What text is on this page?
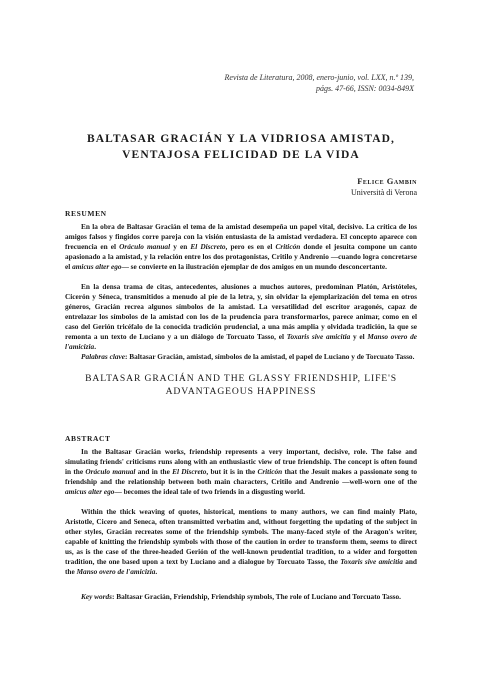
Revista de Literatura, 2008, enero-junio, vol. LXX, n.º 139,
págs. 47-66, ISSN: 0034-849X
BALTASAR GRACIÁN Y LA VIDRIOSA AMISTAD,
VENTAJOSA FELICIDAD DE LA VIDA
Felice Gambin
Università di Verona
RESUMEN
En la obra de Baltasar Gracián el tema de la amistad desempeña un papel vital, decisivo. La crítica de los amigos falsos y fingidos corre pareja con la visión entusiasta de la amistad verdadera. El concepto aparece con frecuencia en el Oráculo manual y en El Discreto, pero es en el Criticón donde el jesuita compone un canto apasionado a la amistad, y la relación entre los dos protagonistas, Critilo y Andrenio —cuando logra concretarse el amicus alter ego— se convierte en la ilustración ejemplar de dos amigos en un mundo desconcertante.
En la densa trama de citas, antecedentes, alusiones a muchos autores, predominan Platón, Aristóteles, Cicerón y Séneca, transmitidos a menudo al pie de la letra, y, sin olvidar la ejemplarización del tema en otros géneros, Gracián recrea algunos símbolos de la amistad. La versatilidad del escritor aragonés, capaz de entrelazar los símbolos de la amistad con los de la prudencia para transformarlos, parece animar, como en el caso del Gerión tricéfalo de la conocida tradición prudencial, a una más amplia y olvidada tradición, la que se remonta a un texto de Luciano y a un diálogo de Torcuato Tasso, el Toxaris sive amicitia y el Manso overo de l'amicizia.
Palabras clave: Baltasar Gracián, amistad, símbolos de la amistad, el papel de Luciano y de Torcuato Tasso.
BALTASAR GRACIÁN AND THE GLASSY FRIENDSHIP, LIFE'S
ADVANTAGEOUS HAPPINESS
ABSTRACT
In the Baltasar Gracián works, friendship represents a very important, decisive, role. The false and simulating friends' criticisms runs along with an enthusiastic view of true friendship. The concept is often found in the Oráculo manual and in the El Discreto, but it is in the Criticón that the Jesuit makes a passionate song to friendship and the relationship between both main characters, Critilo and Andrenio —well-worn one of the amicus alter ego— becomes the ideal tale of two friends in a disgusting world.
Within the thick weaving of quotes, historical, mentions to many authors, we can find mainly Plato, Aristotle, Cicero and Seneca, often transmitted verbatim and, without forgetting the updating of the subject in other styles, Gracián recreates some of the friendship symbols. The many-faced style of the Aragon's writer, capable of knitting the friendship symbols with those of the caution in order to transform them, seems to direct us, as is the case of the three-headed Gerión of the well-known prudential tradition, to a wider and forgotten tradition, the one based upon a text by Luciano and a dialogue by Torcuato Tasso, the Toxaris sive amicitia and the Manso overo de l'amicizia.
Key words: Baltasar Gracián, Friendship, Friendship symbols, The role of Luciano and Torcuato Tasso.
